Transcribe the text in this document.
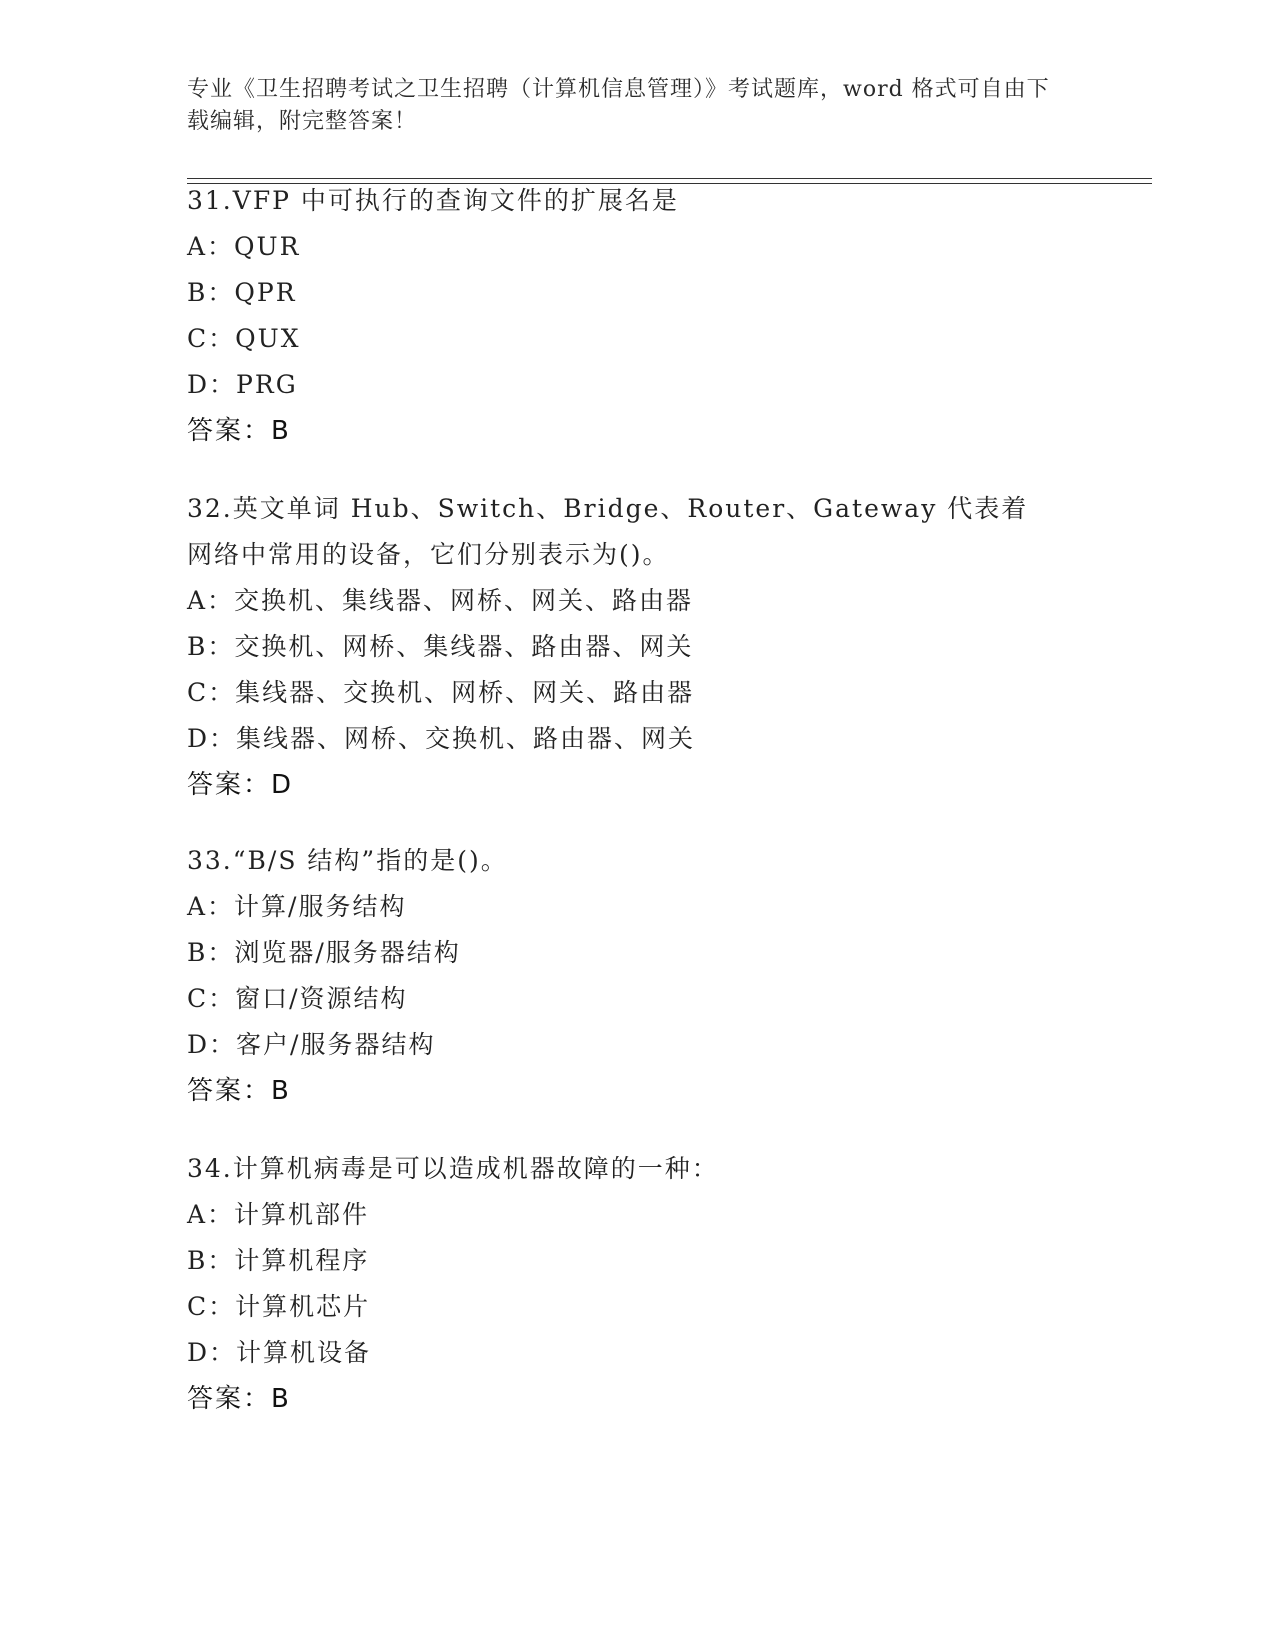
专业《卫生招聘考试之卫生招聘（计算机信息管理）》考试题库，word 格式可自由下载编辑，附完整答案！
31.VFP 中可执行的查询文件的扩展名是
A：QUR
B：QPR
C：QUX
D：PRG
答案：B
32.英文单词 Hub、Switch、Bridge、Router、Gateway 代表着网络中常用的设备，它们分别表示为()。
A：交换机、集线器、网桥、网关、路由器
B：交换机、网桥、集线器、路由器、网关
C：集线器、交换机、网桥、网关、路由器
D：集线器、网桥、交换机、路由器、网关
答案：D
33.“B/S 结构”指的是()。
A：计算/服务结构
B：浏览器/服务器结构
C：窗口/资源结构
D：客户/服务器结构
答案：B
34.计算机病毒是可以造成机器故障的一种：
A：计算机部件
B：计算机程序
C：计算机芯片
D：计算机设备
答案：B
